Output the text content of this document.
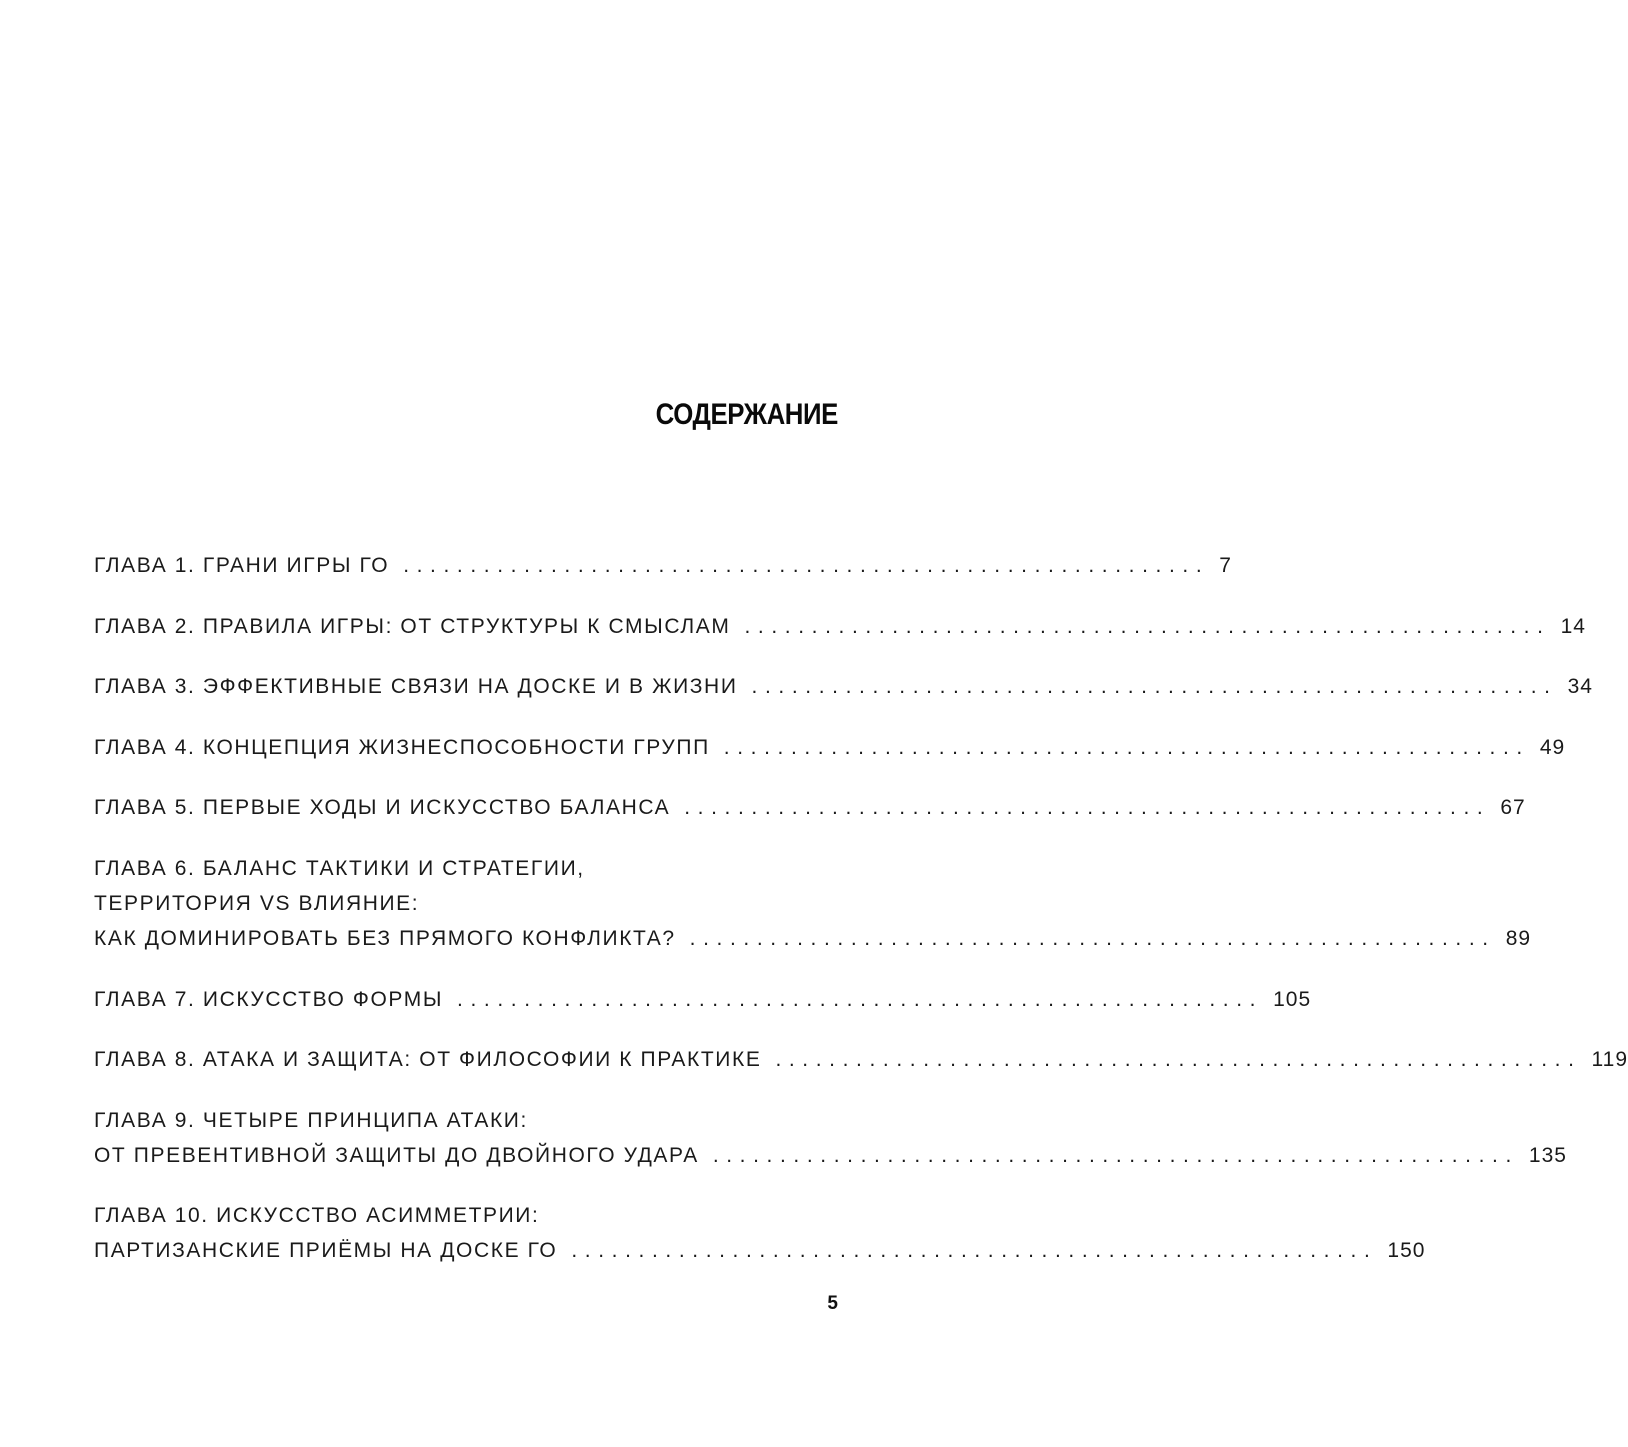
СОДЕРЖАНИЕ
ГЛАВА 1. ГРАНИ ИГРЫ ГО ............................................................ 7
ГЛАВА 2. ПРАВИЛА ИГРЫ: ОТ СТРУКТУРЫ К СМЫСЛАМ ............................................................ 14
ГЛАВА 3. ЭФФЕКТИВНЫЕ СВЯЗИ НА ДОСКЕ И В ЖИЗНИ ............................................................ 34
ГЛАВА 4. КОНЦЕПЦИЯ ЖИЗНЕСПОСОБНОСТИ ГРУПП ............................................................ 49
ГЛАВА 5. ПЕРВЫЕ ХОДЫ И ИСКУССТВО БАЛАНСА ............................................................ 67
ГЛАВА 6. БАЛАНС ТАКТИКИ И СТРАТЕГИИ,
ТЕРРИТОРИЯ VS ВЛИЯНИЕ:
КАК ДОМИНИРОВАТЬ БЕЗ ПРЯМОГО КОНФЛИКТА? ............................................................ 89
ГЛАВА 7. ИСКУССТВО ФОРМЫ ............................................................ 105
ГЛАВА 8. АТАКА И ЗАЩИТА: ОТ ФИЛОСОФИИ К ПРАКТИКЕ ............................................................ 119
ГЛАВА 9. ЧЕТЫРЕ ПРИНЦИПА АТАКИ:
ОТ ПРЕВЕНТИВНОЙ ЗАЩИТЫ ДО ДВОЙНОГО УДАРА ............................................................ 135
ГЛАВА 10. ИСКУССТВО АСИММЕТРИИ:
ПАРТИЗАНСКИЕ ПРИЁМЫ НА ДОСКЕ ГО ............................................................ 150
5
